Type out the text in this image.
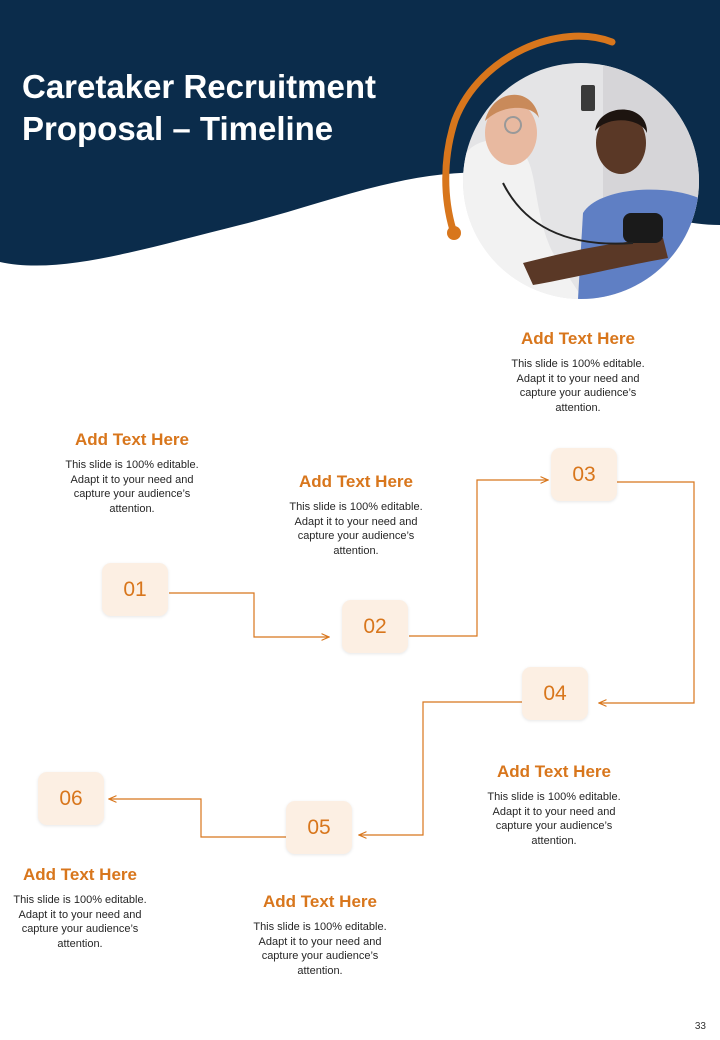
Caretaker Recruitment
Proposal – Timeline
01
02
03
04
05
06
Add Text Here

This slide is 100% editable. Adapt it to your need and capture your audience’s attention.

Add Text Here

This slide is 100% editable. Adapt it to your need and capture your audience’s attention.

Add Text Here

This slide is 100% editable. Adapt it to your need and capture your audience’s attention.

Add Text Here

This slide is 100% editable. Adapt it to your need and capture your audience’s attention.

Add Text Here

This slide is 100% editable. Adapt it to your need and capture your audience’s attention.

Add Text Here

This slide is 100% editable. Adapt it to your need and capture your audience’s attention.

33
